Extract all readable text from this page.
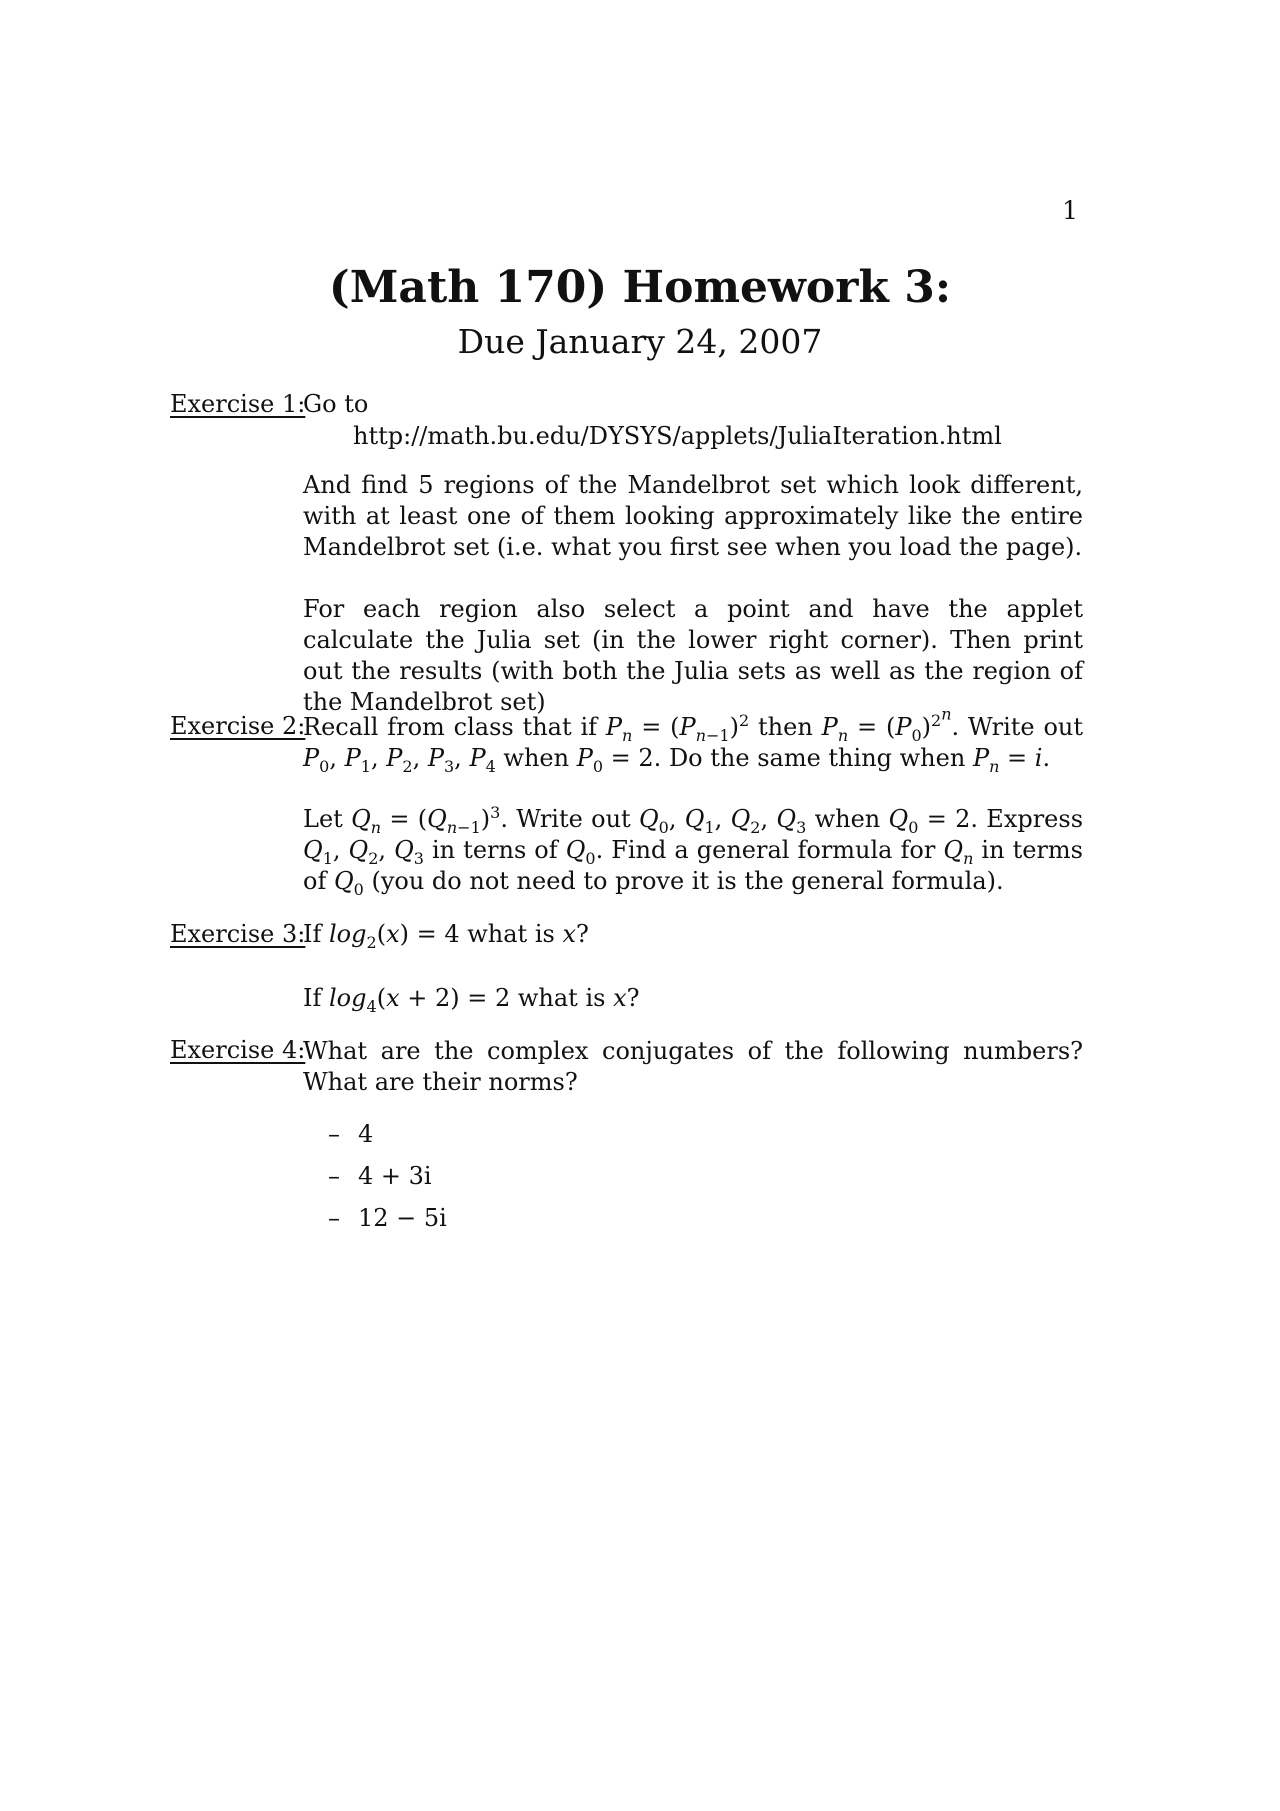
1
(Math 170) Homework 3:
Due January 24, 2007
Exercise 1:
Go to
http://math.bu.edu/DYSYS/applets/JuliaIteration.html
And find 5 regions of the Mandelbrot set which look different, with at least one of them looking approximately like the entire Mandelbrot set (i.e. what you first see when you load the page).
For each region also select a point and have the applet calculate the Julia set (in the lower right corner). Then print out the results (with both the Julia sets as well as the region of the Mandelbrot set)
Exercise 2:
Recall from class that if $P_n = (P_{n-1})^2$ then $P_n = (P_0)^{2^n}$. Write out $P_0$, $P_1$, $P_2$, $P_3$, $P_4$ when $P_0 = 2$. Do the same thing when $P_n = i$.
Let $Q_n = (Q_{n-1})^3$. Write out $Q_0$, $Q_1$, $Q_2$, $Q_3$ when $Q_0 = 2$. Express $Q_1$, $Q_2$, $Q_3$ in terns of $Q_0$. Find a general formula for $Q_n$ in terms of $Q_0$ (you do not need to prove it is the general formula).
Exercise 3:
If $\log_2(x) = 4$ what is x?
If $\log_4(x + 2) = 2$ what is x?
Exercise 4:
What are the complex conjugates of the following numbers? What are their norms?
– 4
– 4 + 3i
– 12 − 5i
